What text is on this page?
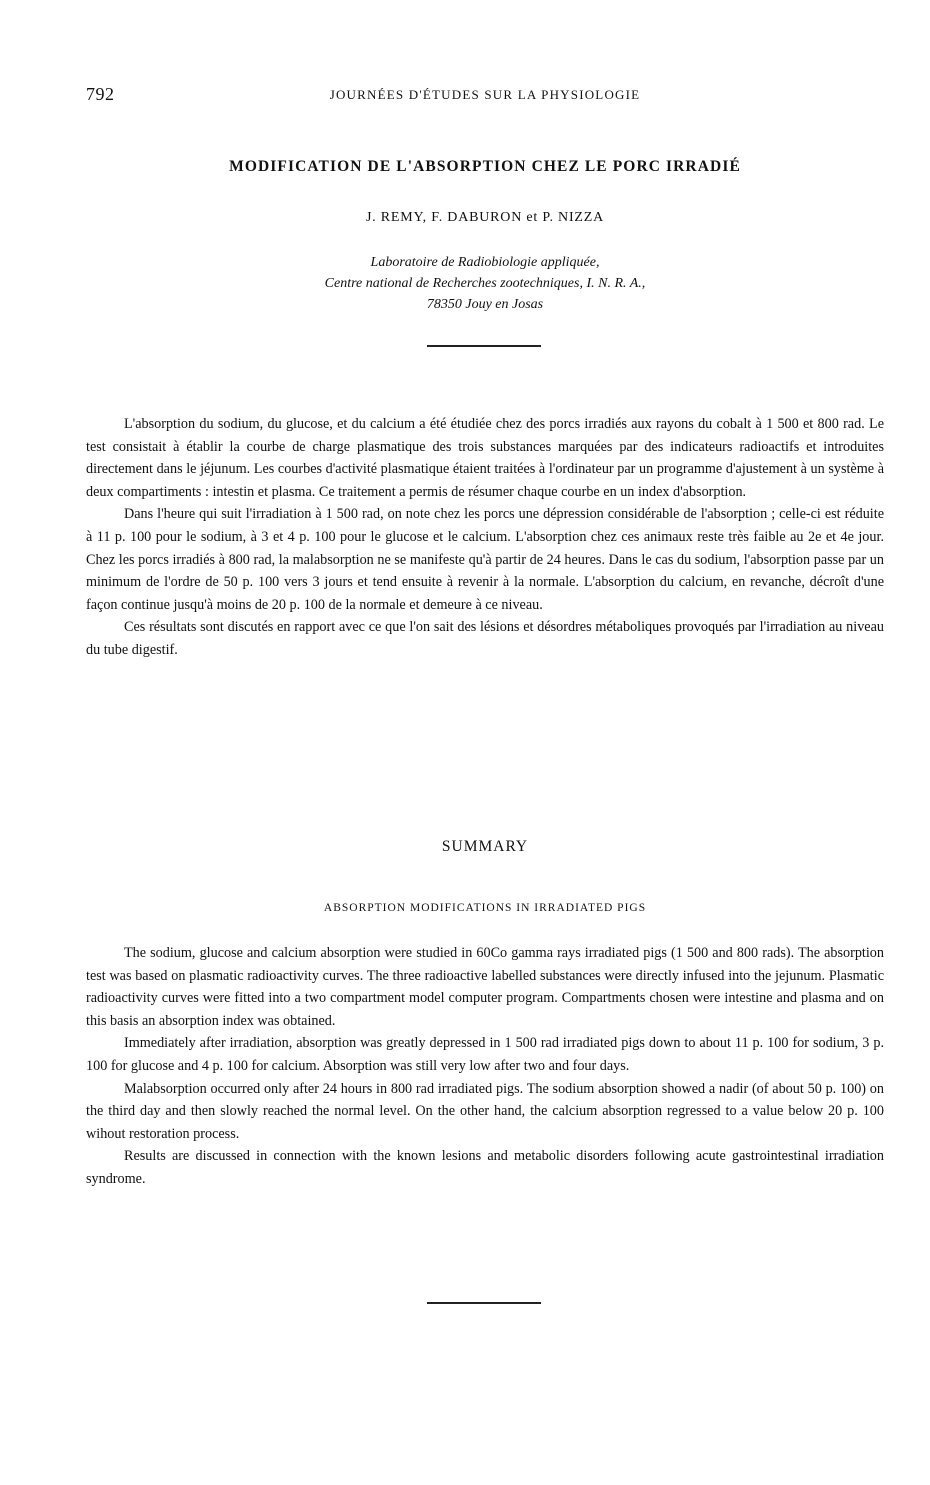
792	JOURNÉES D'ÉTUDES SUR LA PHYSIOLOGIE
MODIFICATION DE L'ABSORPTION CHEZ LE PORC IRRADIÉ
J. REMY, F. DABURON et P. NIZZA
Laboratoire de Radiobiologie appliquée,
Centre national de Recherches zootechniques, I. N. R. A.,
78350 Jouy en Josas

L'absorption du sodium, du glucose, et du calcium a été étudiée chez des porcs irradiés aux rayons du cobalt à 1 500 et 800 rad. Le test consistait à établir la courbe de charge plasmatique des trois substances marquées par des indicateurs radioactifs et introduites directement dans le jéjunum. Les courbes d'activité plasmatique étaient traitées à l'ordinateur par un programme d'ajustement à un système à deux compartiments : intestin et plasma. Ce traitement a permis de résumer chaque courbe en un index d'absorption.

Dans l'heure qui suit l'irradiation à 1 500 rad, on note chez les porcs une dépression considérable de l'absorption ; celle-ci est réduite à 11 p. 100 pour le sodium, à 3 et 4 p. 100 pour le glucose et le calcium. L'absorption chez ces animaux reste très faible au 2e et 4e jour. Chez les porcs irradiés à 800 rad, la malabsorption ne se manifeste qu'à partir de 24 heures. Dans le cas du sodium, l'absorption passe par un minimum de l'ordre de 50 p. 100 vers 3 jours et tend ensuite à revenir à la normale. L'absorption du calcium, en revanche, décroît d'une façon continue jusqu'à moins de 20 p. 100 de la normale et demeure à ce niveau.

Ces résultats sont discutés en rapport avec ce que l'on sait des lésions et désordres métaboliques provoqués par l'irradiation au niveau du tube digestif.

SUMMARY
ABSORPTION MODIFICATIONS IN IRRADIATED PIGS

The sodium, glucose and calcium absorption were studied in 60Co gamma rays irradiated pigs (1 500 and 800 rads). The absorption test was based on plasmatic radioactivity curves. The three radioactive labelled substances were directly infused into the jejunum. Plasmatic radioactivity curves were fitted into a two compartment model computer program. Compartments chosen were intestine and plasma and on this basis an absorption index was obtained.

Immediately after irradiation, absorption was greatly depressed in 1 500 rad irradiated pigs down to about 11 p. 100 for sodium, 3 p. 100 for glucose and 4 p. 100 for calcium. Absorption was still very low after two and four days.

Malabsorption occurred only after 24 hours in 800 rad irradiated pigs. The sodium absorption showed a nadir (of about 50 p. 100) on the third day and then slowly reached the normal level. On the other hand, the calcium absorption regressed to a value below 20 p. 100 wihout restoration process.

Results are discussed in connection with the known lesions and metabolic disorders following acute gastrointestinal irradiation syndrome.
